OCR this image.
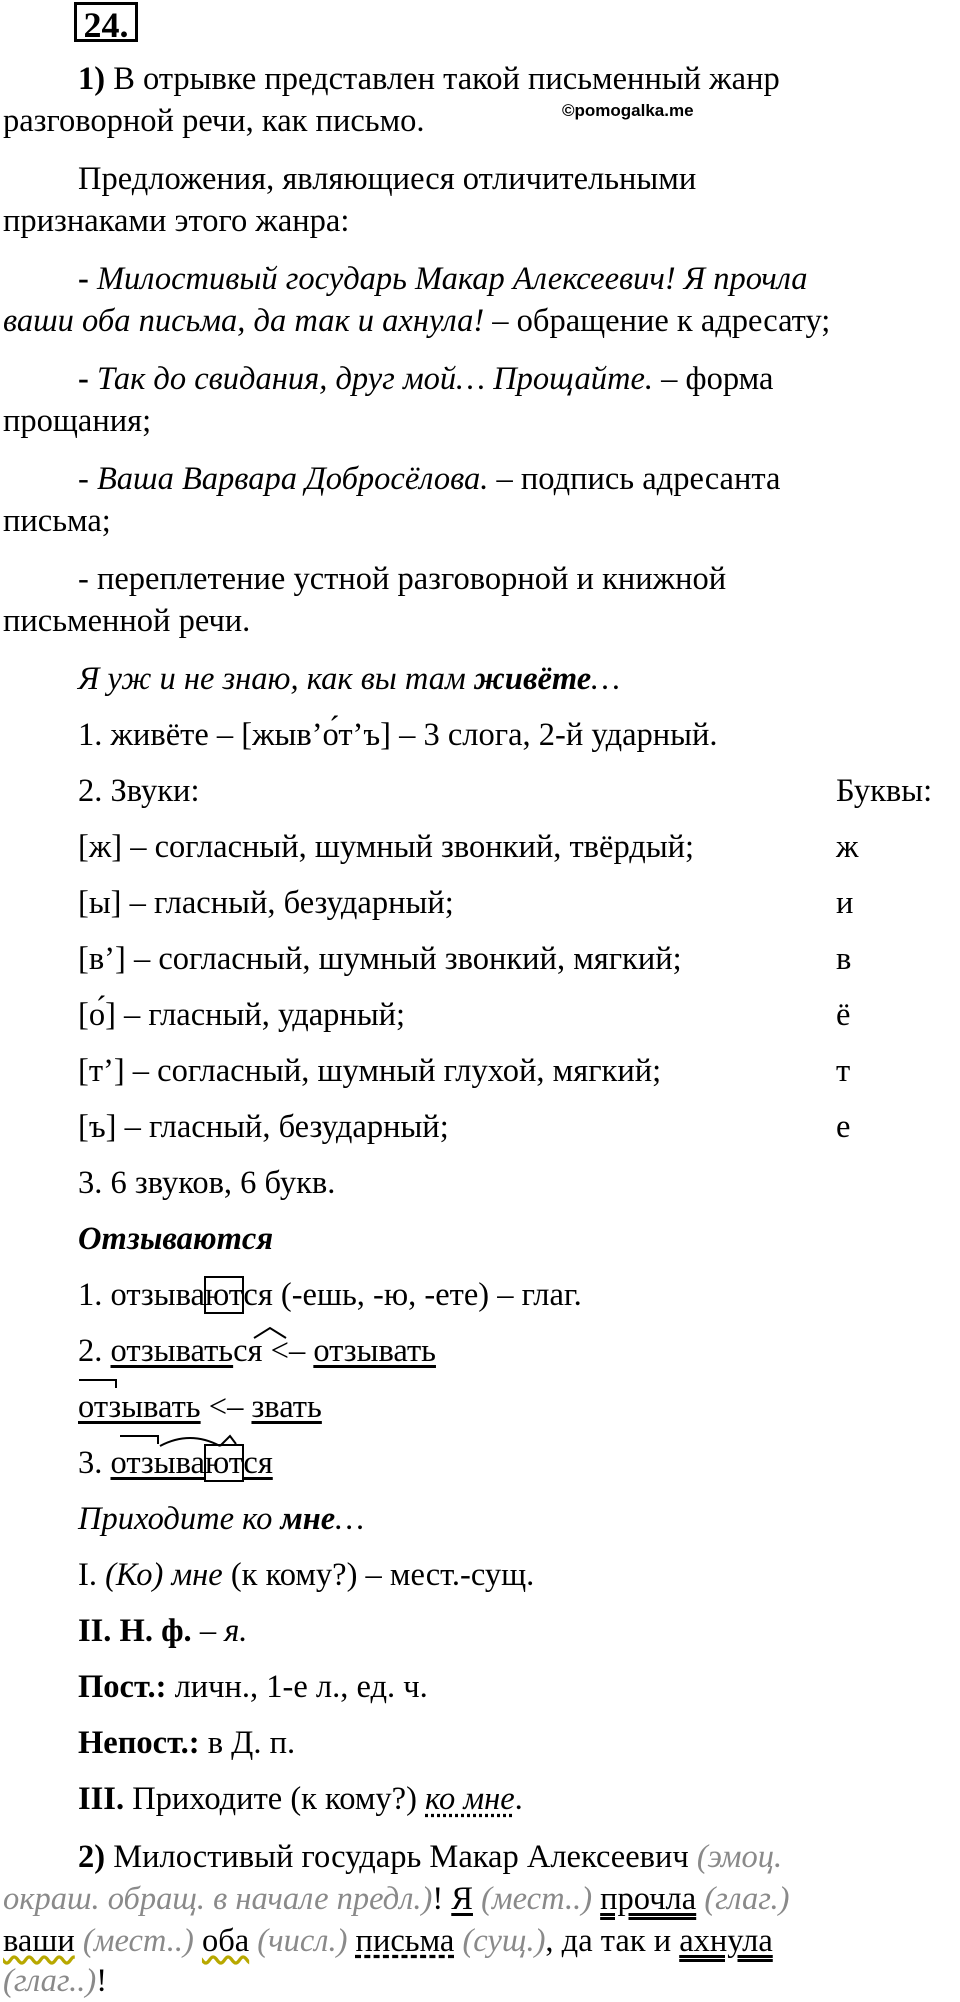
24.
©pomogalka.me
1) В отрывке представлен такой письменный жанр
разговорной речи, как письмо.
Предложения, являющиеся отличительными
признаками этого жанра:
- Милостивый государь Макар Алексеевич! Я прочла
ваши оба письма, да так и ахнула! – обращение к адресату;
- Так до свидания, друг мой… Прощайте. – форма
прощания;
- Ваша Варвара Добросёлова. – подпись адресанта
письма;
- переплетение устной разговорной и книжной
письменной речи.
Я уж и не знаю, как вы там живёте…
1. живёте – [жыв’о́т’ъ] – 3 слога, 2-й ударный.
2. Звуки:	Буквы:
[ж] – согласный, шумный звонкий, твёрдый;	ж
[ы] – гласный, безударный;	и
[в’] – согласный, шумный звонкий, мягкий;	в
[о́] – гласный, ударный;	ё
[т’] – согласный, шумный глухой, мягкий;	т
[ъ] – гласный, безударный;	е
3. 6 звуков, 6 букв.
Отзываются
1. отзываются (-ешь, -ю, -ете) – глаг.
2. отзываться <– отзывать
отзывать <– звать
3. отзываются
Приходите ко мне…
I. (Ко) мне (к кому?) – мест.-сущ.
II. Н. ф. – я.
Пост.: личн., 1-е л., ед. ч.
Непост.: в Д. п.
III. Приходите (к кому?) ко мне.
2) Милостивый государь Макар Алексеевич (эмоц.
окраш. обращ. в начале предл.)! Я (мест..) прочла (глаг.)
ваши (мест..) оба (числ.) письма (сущ.), да так и ахнула
(глаг..)!
